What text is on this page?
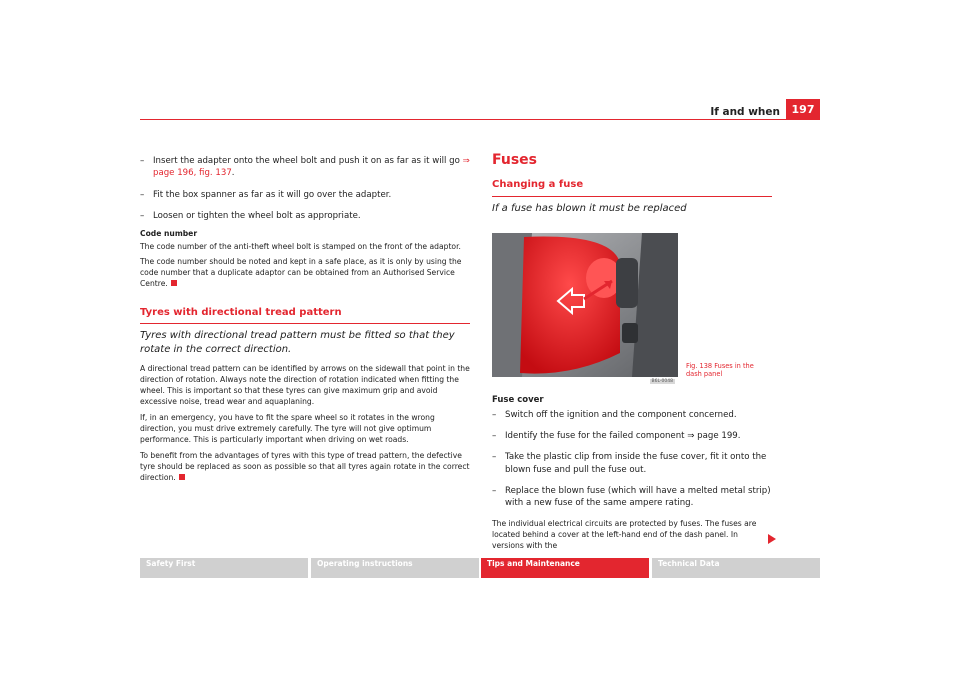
If and when	197
– Insert the adapter onto the wheel bolt and push it on as far as it will go ⇒ page 196, fig. 137.
– Fit the box spanner as far as it will go over the adapter.
– Loosen or tighten the wheel bolt as appropriate.
Code number

The code number of the anti-theft wheel bolt is stamped on the front of the adaptor.

The code number should be noted and kept in a safe place, as it is only by using the code number that a duplicate adaptor can be obtained from an Authorised Service Centre.

Tyres with directional tread pattern
Tyres with directional tread pattern must be fitted so that they rotate in the correct direction.

A directional tread pattern can be identified by arrows on the sidewall that point in the direction of rotation. Always note the direction of rotation indicated when fitting the wheel. This is important so that these tyres can give maximum grip and avoid excessive noise, tread wear and aquaplaning.

If, in an emergency, you have to fit the spare wheel so it rotates in the wrong direction, you must drive extremely carefully. The tyre will not give optimum performance. This is particularly important when driving on wet roads.

To benefit from the advantages of tyres with this type of tread pattern, the defective tyre should be replaced as soon as possible so that all tyres again rotate in the correct direction.

Fuses
Changing a fuse
If a fuse has blown it must be replaced
B6L-0048
Fig. 138 Fuses in the
dash panel
Fuse cover
– Switch off the ignition and the component concerned.
– Identify the fuse for the failed component ⇒ page 199.
– Take the plastic clip from inside the fuse cover, fit it onto the blown fuse and pull the fuse out.
– Replace the blown fuse (which will have a melted metal strip) with a new fuse of the same ampere rating.

The individual electrical circuits are protected by fuses. The fuses are located behind a cover at the left-hand end of the dash panel. In versions with the

Safety First	Operating instructions	Tips and Maintenance	Technical Data
